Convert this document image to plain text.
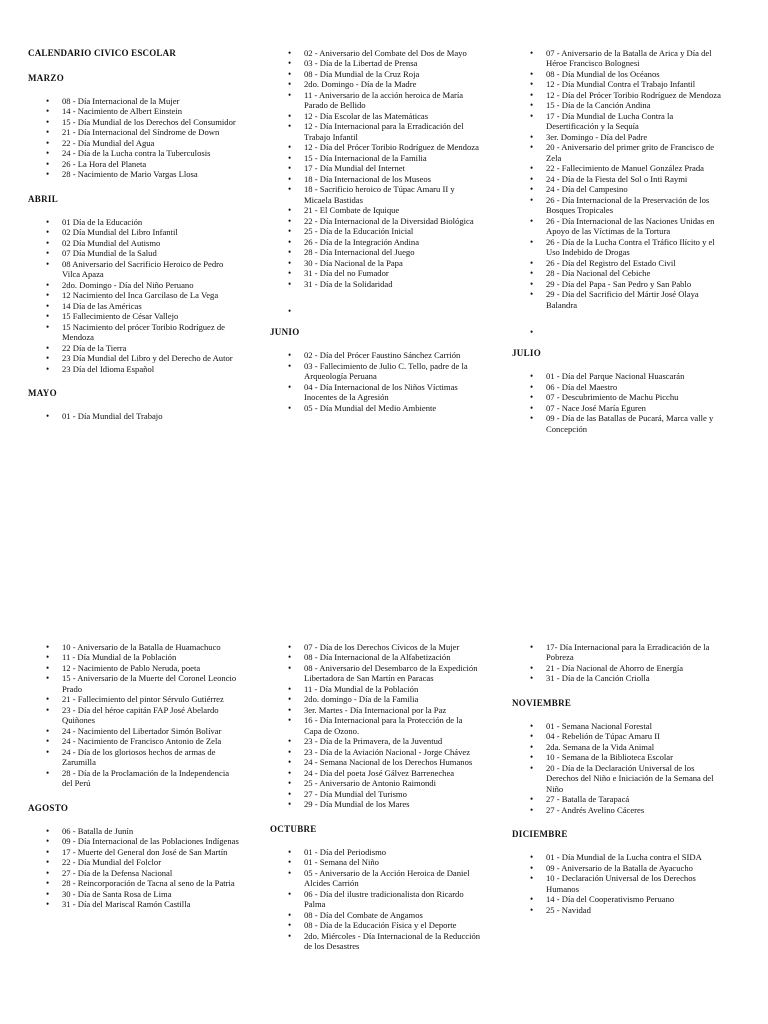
CALENDARIO CIVICO ESCOLAR
MARZO
• 08 - Día Internacional de la Mujer
• 14 - Nacimiento de Albert Einstein
• 15 - Día Mundial de los Derechos del Consumidor
• 21 - Día Internacional del Síndrome de Down
• 22 - Día Mundial del Agua
• 24 - Día de la Lucha contra la Tuberculosis
• 26 - La Hora del Planeta
• 28 - Nacimiento de Mario Vargas Llosa
ABRIL
• 01 Día de la Educación
• 02 Día Mundial del Libro Infantil
• 02 Día Mundial del Autismo
• 07 Día Mundial de la Salud
• 08 Aniversario del Sacrificio Heroico de Pedro Vilca Apaza
• 2do. Domingo - Día del Niño Peruano
• 12 Nacimiento del Inca Garcilaso de La Vega
• 14 Día de las Américas
• 15 Fallecimiento de César Vallejo
• 15 Nacimiento del prócer Toribio Rodríguez de Mendoza
• 22 Día de la Tierra
• 23 Día Mundial del Libro y del Derecho de Autor
• 23 Día del Idioma Español
MAYO
• 01 - Día Mundial del Trabajo
• 02 - Aniversario del Combate del Dos de Mayo
• 03 - Día de la Libertad de Prensa
• 08 - Día Mundial de la Cruz Roja
• 2do. Domingo - Día de la Madre
• 11 - Aniversario de la acción heroica de María Parado de Bellido
• 12 - Día Escolar de las Matemáticas
• 12 - Día Internacional para la Erradicación del Trabajo Infantil
• 12 - Día del Prócer Toribio Rodríguez de Mendoza
• 15 - Día Internacional de la Familia
• 17 - Día Mundial del Internet
• 18 - Día Internacional de los Museos
• 18 - Sacrificio heroico de Túpac Amaru II y Micaela Bastidas
• 21 - El Combate de Iquique
• 22 - Día Internacional de la Diversidad Biológica
• 25 - Día de la Educación Inicial
• 26 - Día de la Integración Andina
• 28 - Día Internacional del Juego
• 30 - Día Nacional de la Papa
• 31 - Día del no Fumador
• 31 - Día de la Solidaridad
•
JUNIO
• 02 - Día del Prócer Faustino Sánchez Carrión
• 03 - Fallecimiento de Julio C. Tello, padre de la Arqueología Peruana
• 04 - Día Internacional de los Niños Víctimas Inocentes de la Agresión
• 05 - Día Mundial del Medio Ambiente
• 07 - Aniversario de la Batalla de Arica y Día del Héroe Francisco Bolognesi
• 08 - Día Mundial de los Océanos
• 12 - Día Mundial Contra el Trabajo Infantil
• 12 - Día del Prócer Toribio Rodríguez de Mendoza
• 15 - Día de la Canción Andina
• 17 - Día Mundial de Lucha Contra la Desertificación y la Sequía
• 3er. Domingo - Día del Padre
• 20 - Aniversario del primer grito de Francisco de Zela
• 22 - Fallecimiento de Manuel González Prada
• 24 - Día de la Fiesta del Sol o Inti Raymi
• 24 - Día del Campesino
• 26 - Día Internacional de la Preservación de los Bosques Tropicales
• 26 - Día Internacional de las Naciones Unidas en Apoyo de las Víctimas de la Tortura
• 26 - Día de la Lucha Contra el Tráfico Ilícito y el Uso Indebido de Drogas
• 26 - Día del Registro del Estado Civil
• 28 - Día Nacional del Cebiche
• 29 - Día del Papa - San Pedro y San Pablo
• 29 - Día del Sacrificio del Mártir José Olaya Balandra
•
JULIO
• 01 - Día del Parque Nacional Huascarán
• 06 - Día del Maestro
• 07 - Descubrimiento de Machu Picchu
• 07 - Nace José María Eguren
• 09 - Día de las Batallas de Pucará, Marca valle y Concepción
• 10 - Aniversario de la Batalla de Huamachuco
• 11 - Día Mundial de la Población
• 12 - Nacimiento de Pablo Neruda, poeta
• 15 - Aniversario de la Muerte del Coronel Leoncio Prado
• 21 - Fallecimiento del pintor Sérvulo Gutiérrez
• 23 - Día del héroe capitán FAP José Abelardo Quiñones
• 24 - Nacimiento del Libertador Simón Bolívar
• 24 - Nacimiento de Francisco Antonio de Zela
• 24 - Día de los gloriosos hechos de armas de Zarumilla
• 28 - Día de la Proclamación de la Independencia del Perú
AGOSTO
• 06 - Batalla de Junín
• 09 - Día Internacional de las Poblaciones Indígenas
• 17 - Muerte del General don José de San Martín
• 22 - Día Mundial del Folclor
• 27 - Día de la Defensa Nacional
• 28 - Reincorporación de Tacna al seno de la Patria
• 30 - Día de Santa Rosa de Lima
• 31 - Día del Mariscal Ramón Castilla
• 07 - Día de los Derechos Cívicos de la Mujer
• 08 - Día Internacional de la Alfabetización
• 08 - Aniversario del Desembarco de la Expedición Libertadora de San Martín en Paracas
• 11 - Día Mundial de la Población
• 2do. domingo - Día de la Familia
• 3er. Martes - Día Internacional por la Paz
• 16 - Día Internacional para la Protección de la Capa de Ozono.
• 23 - Día de la Primavera, de la Juventud
• 23 - Día de la Aviación Nacional - Jorge Chávez
• 24 - Semana Nacional de los Derechos Humanos
• 24 - Día del poeta José Gálvez Barrenechea
• 25 - Aniversario de Antonio Raimondi
• 27 - Día Mundial del Turismo
• 29 - Día Mundial de los Mares
OCTUBRE
• 01 - Día del Periodismo
• 01 - Semana del Niño
• 05 - Aniversario de la Acción Heroica de Daniel Alcides Carrión
• 06 - Día del ilustre tradicionalista don Ricardo Palma
• 08 - Día del Combate de Angamos
• 08 - Día de la Educación Física y el Deporte
• 2do. Miércoles - Día Internacional de la Reducción de los Desastres
• 17- Día Internacional para la Erradicación de la Pobreza
• 21 - Día Nacional de Ahorro de Energía
• 31 - Día de la Canción Criolla
NOVIEMBRE
• 01 - Semana Nacional Forestal
• 04 - Rebelión de Túpac Amaru II
• 2da. Semana de la Vida Animal
• 10 - Semana de la Biblioteca Escolar
• 20 - Día de la Declaración Universal de los Derechos del Niño e Iniciación de la Semana del Niño
• 27 - Batalla de Tarapacá
• 27 - Andrés Avelino Cáceres
DICIEMBRE
• 01 - Día Mundial de la Lucha contra el SIDA
• 09 - Aniversario de la Batalla de Ayacucho
• 10 - Declaración Universal de los Derechos Humanos
• 14 - Día del Cooperativismo Peruano
• 25 - Navidad
